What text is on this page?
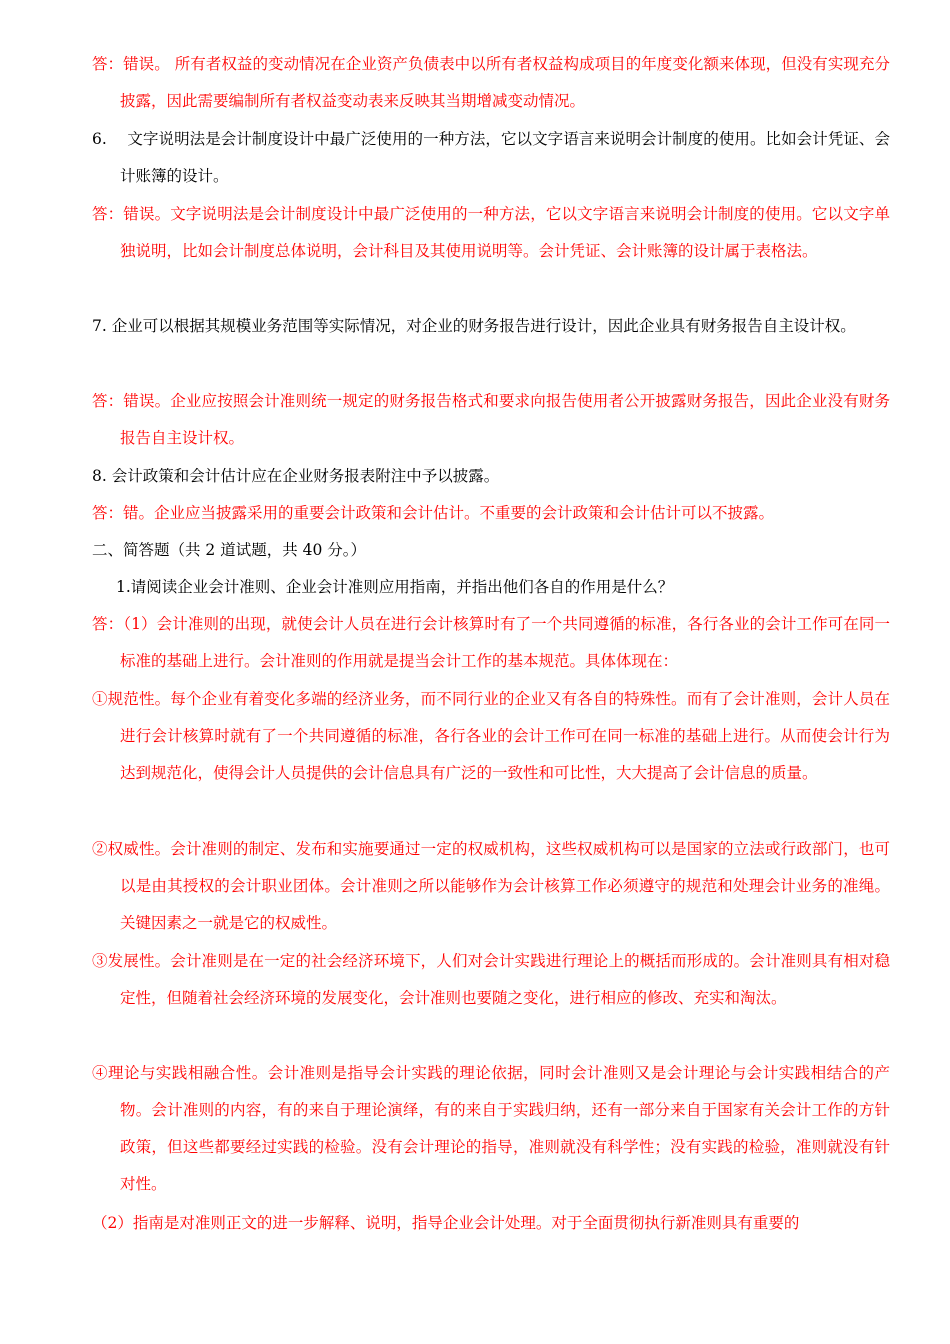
答：错误。 所有者权益的变动情况在企业资产负债表中以所有者权益构成项目的年度变化额来体现，但没有实现充分披露，因此需要编制所有者权益变动表来反映其当期增减变动情况。
6.　 文字说明法是会计制度设计中最广泛使用的一种方法，它以文字语言来说明会计制度的使用。比如会计凭证、会计账簿的设计。
答：错误。文字说明法是会计制度设计中最广泛使用的一种方法，它以文字语言来说明会计制度的使用。它以文字单独说明，比如会计制度总体说明，会计科目及其使用说明等。会计凭证、会计账簿的设计属于表格法。
7. 企业可以根据其规模业务范围等实际情况，对企业的财务报告进行设计，因此企业具有财务报告自主设计权。
答：错误。企业应按照会计准则统一规定的财务报告格式和要求向报告使用者公开披露财务报告，因此企业没有财务报告自主设计权。
8. 会计政策和会计估计应在企业财务报表附注中予以披露。
答：错。企业应当披露采用的重要会计政策和会计估计。不重要的会计政策和会计估计可以不披露。
二、简答题（共 2 道试题，共 40 分。）
1.请阅读企业会计准则、企业会计准则应用指南，并指出他们各自的作用是什么？
答：（1）会计准则的出现，就使会计人员在进行会计核算时有了一个共同遵循的标准，各行各业的会计工作可在同一标准的基础上进行。会计准则的作用就是提当会计工作的基本规范。具体体现在：
①规范性。每个企业有着变化多端的经济业务，而不同行业的企业又有各自的特殊性。而有了会计准则，会计人员在进行会计核算时就有了一个共同遵循的标准，各行各业的会计工作可在同一标准的基础上进行。从而使会计行为达到规范化，使得会计人员提供的会计信息具有广泛的一致性和可比性，大大提高了会计信息的质量。
②权威性。会计准则的制定、发布和实施要通过一定的权威机构，这些权威机构可以是国家的立法或行政部门，也可以是由其授权的会计职业团体。会计准则之所以能够作为会计核算工作必须遵守的规范和处理会计业务的准绳。关键因素之一就是它的权威性。
③发展性。会计准则是在一定的社会经济环境下，人们对会计实践进行理论上的概括而形成的。会计准则具有相对稳定性，但随着社会经济环境的发展变化，会计准则也要随之变化，进行相应的修改、充实和淘汰。
④理论与实践相融合性。会计准则是指导会计实践的理论依据，同时会计准则又是会计理论与会计实践相结合的产物。会计准则的内容，有的来自于理论演绎，有的来自于实践归纳，还有一部分来自于国家有关会计工作的方针政策，但这些都要经过实践的检验。没有会计理论的指导，准则就没有科学性；没有实践的检验，准则就没有针对性。
（2）指南是对准则正文的进一步解释、说明，指导企业会计处理。对于全面贯彻执行新准则具有重要的
